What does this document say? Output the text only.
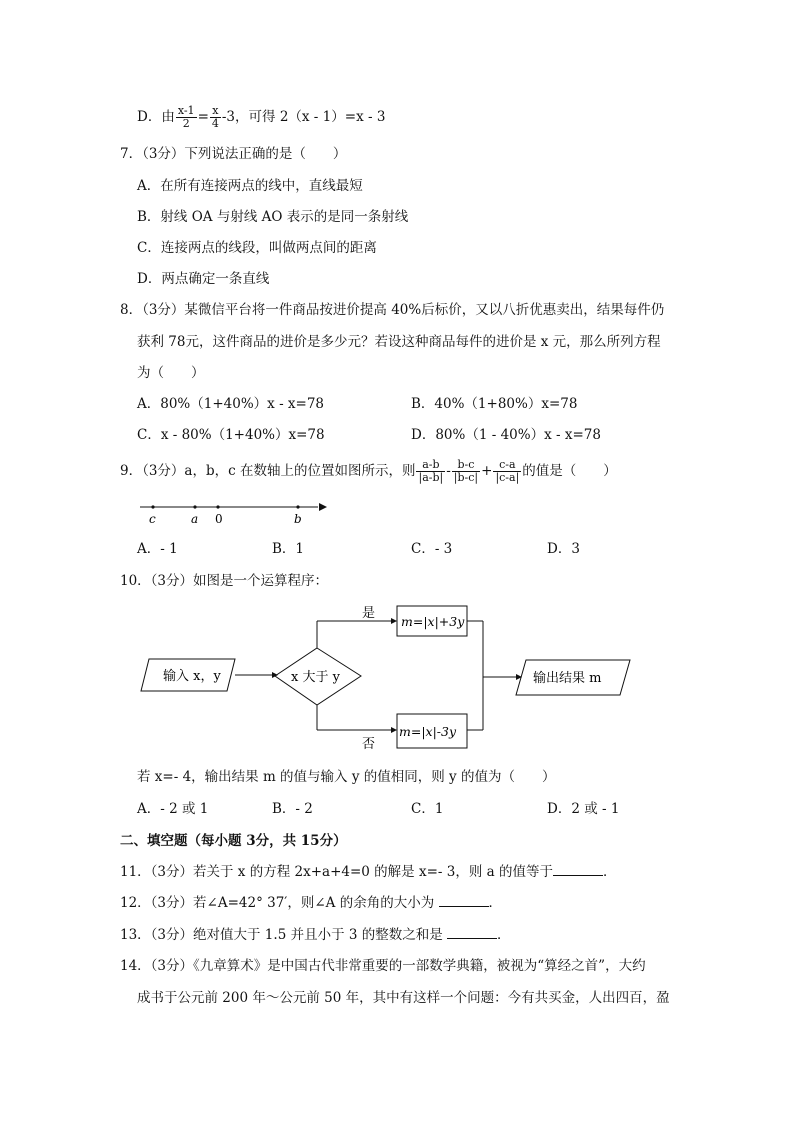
D．由 $\frac{x-1}{2} = \frac{x}{4} -3$，可得 2（x - 1）=x - 3
7．（3分）下列说法正确的是（　　）
A．在所有连接两点的线中，直线最短
B．射线 OA 与射线 AO 表示的是同一条射线
C．连接两点的线段，叫做两点间的距离
D．两点确定一条直线
8．（3分）某微信平台将一件商品按进价提高 40%后标价，又以八折优惠卖出，结果每件仍
获利 78元，这件商品的进价是多少元？若设这种商品每件的进价是 x 元，那么所列方程
为（　　）
A．80%（1+40%）x - x=78	B．40%（1+80%）x=78
C．x - 80%（1+40%）x=78	D．80%（1 - 40%）x - x=78
9．（3分）a，b，c 在数轴上的位置如图所示，则 $\frac{a-b}{|a-b|} - \frac{b-c}{|b-c|} + \frac{c-a}{|c-a|}$ 的值是（　　）
c	a 0	b
A．- 1	B．1	C．- 3	D．3
10．（3分）如图是一个运算程序：
输入 x，y	x 大于 y
是
m=|x|+3y
否
m=|x|-3y
输出结果 m
若 x=- 4，输出结果 m 的值与输入 y 的值相同，则 y 的值为（　　）
A．- 2 或 1	B．- 2	C．1	D．2 或 - 1
二、填空题（每小题 3分，共 15分）
11．（3分）若关于 x 的方程 2x+a+4=0 的解是 x=- 3，则 a 的值等于	．
12．（3分）若∠A=42° 37′，则∠A 的余角的大小为	．
13．（3分）绝对值大于 1.5 并且小于 3 的整数之和是	．
14．（3分）《九章算术》是中国古代非常重要的一部数学典籍，被视为“算经之首”，大约
成书于公元前 200 年～公元前 50 年，其中有这样一个问题：今有共买金，人出四百，盈
